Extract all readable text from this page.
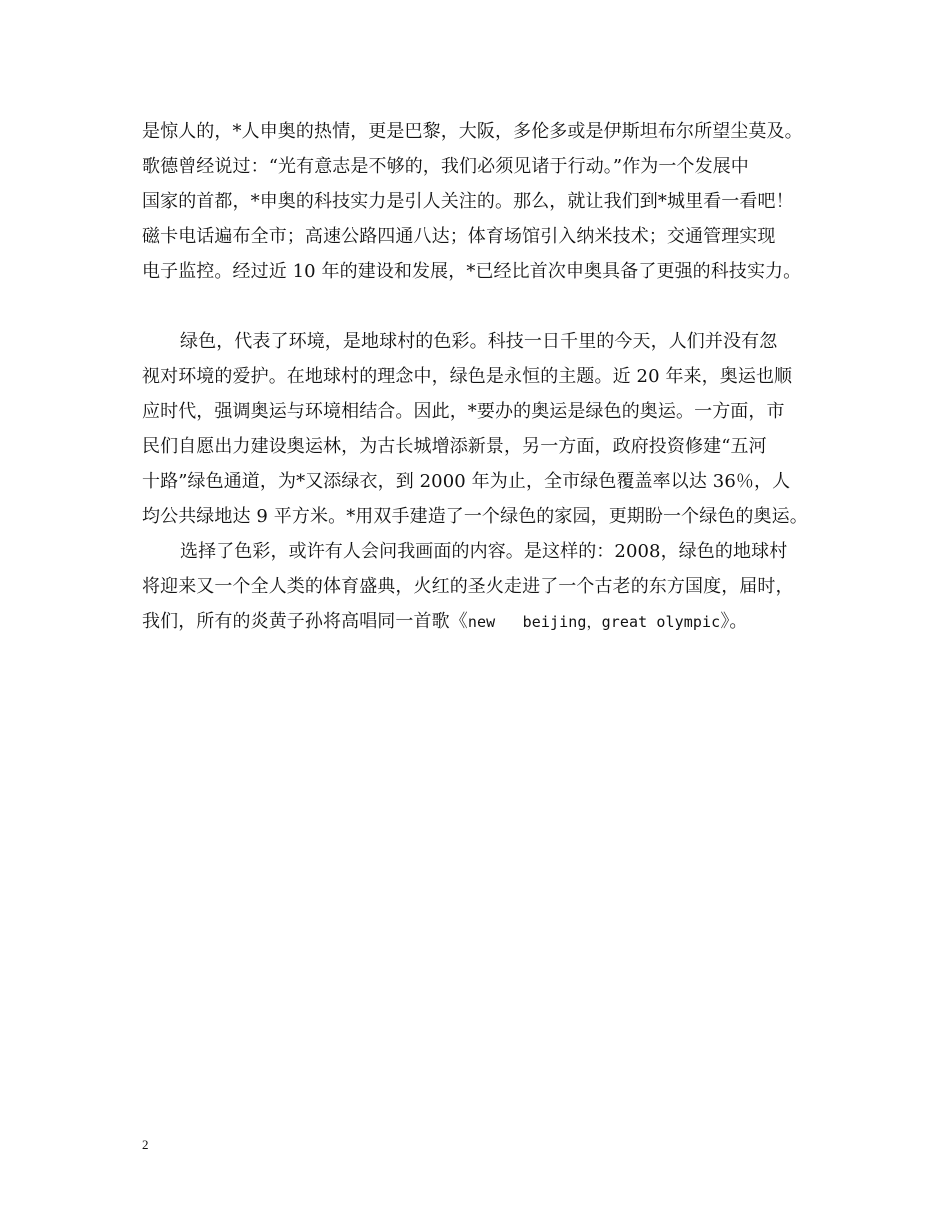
是惊人的，*人申奥的热情，更是巴黎，大阪，多伦多或是伊斯坦布尔所望尘莫及。
歌德曾经说过：“光有意志是不够的，我们必须见诸于行动。”作为一个发展中
国家的首都，*申奥的科技实力是引人关注的。那么，就让我们到*城里看一看吧！
磁卡电话遍布全市；高速公路四通八达；体育场馆引入纳米技术；交通管理实现
电子监控。经过近 10 年的建设和发展，*已经比首次申奥具备了更强的科技实力。
绿色，代表了环境，是地球村的色彩。科技一日千里的今天，人们并没有忽
视对环境的爱护。在地球村的理念中，绿色是永恒的主题。近 20 年来，奥运也顺
应时代，强调奥运与环境相结合。因此，*要办的奥运是绿色的奥运。一方面，市
民们自愿出力建设奥运林，为古长城增添新景，另一方面，政府投资修建“五河
十路”绿色通道，为*又添绿衣，到 2000 年为止，全市绿色覆盖率以达 36％，人
均公共绿地达 9 平方米。*用双手建造了一个绿色的家园，更期盼一个绿色的奥运。
选择了色彩，或许有人会问我画面的内容。是这样的：2008，绿色的地球村
将迎来又一个全人类的体育盛典，火红的圣火走进了一个古老的东方国度，届时，
我们，所有的炎黄子孙将高唱同一首歌《new   beijing，great olympic》。
2
